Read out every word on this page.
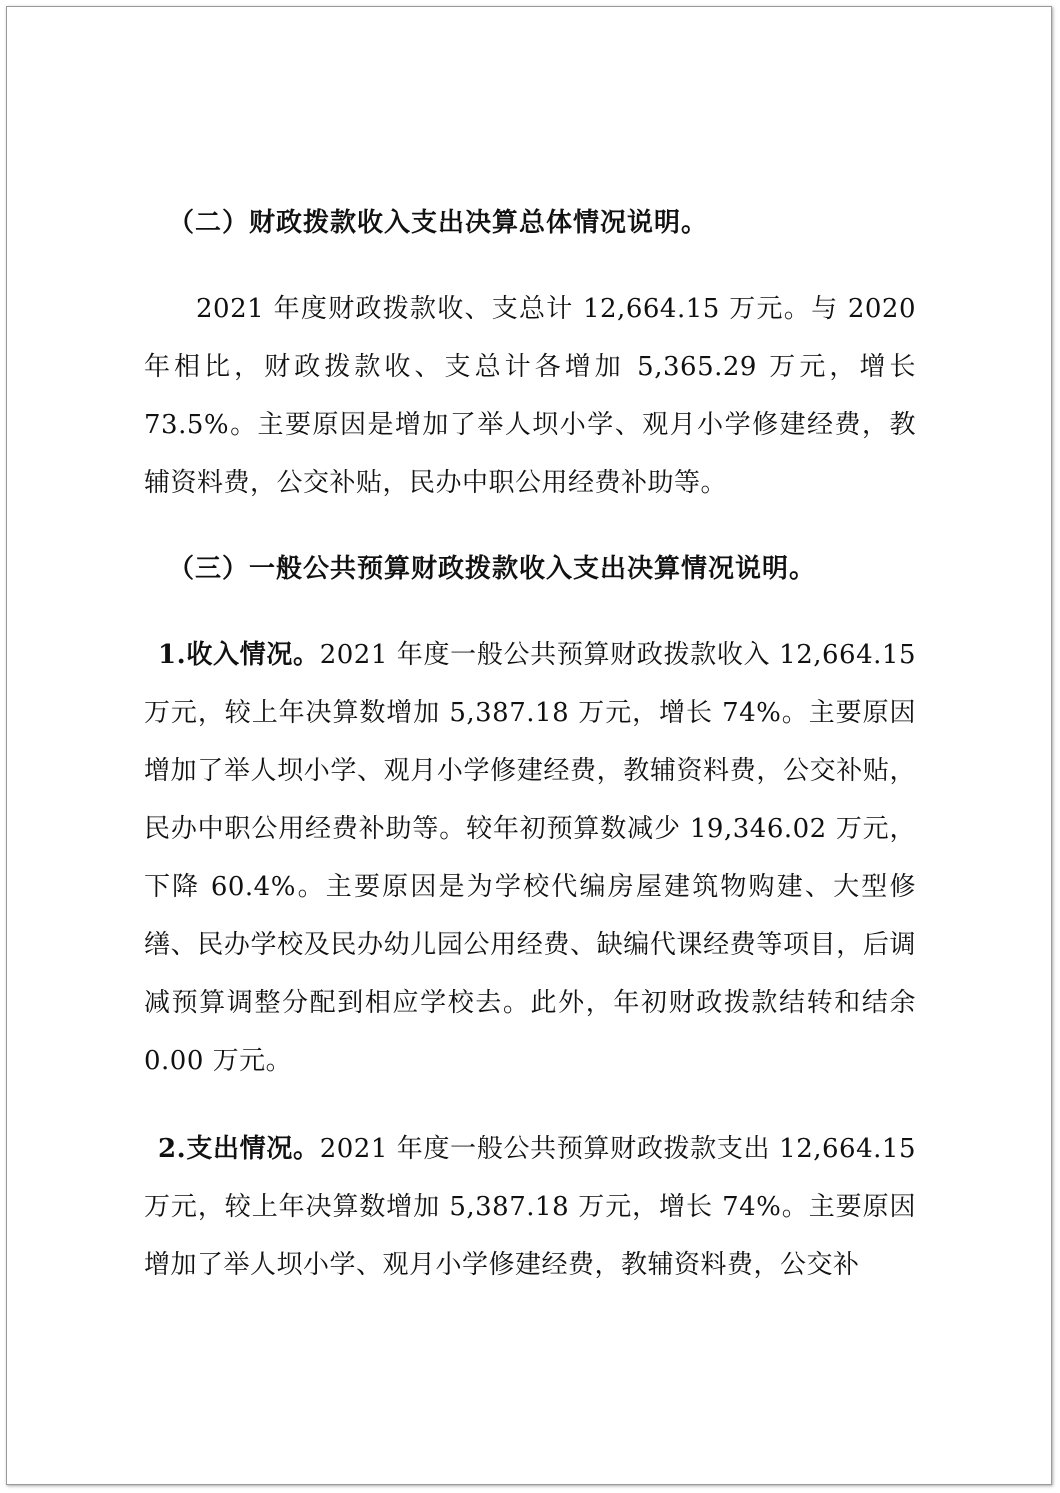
（二）财政拨款收入支出决算总体情况说明。

2021 年度财政拨款收、支总计 12,664.15 万元。与 2020 年相比，财政拨款收、支总计各增加 5,365.29 万元，增长 73.5%。主要原因是增加了举人坝小学、观月小学修建经费，教辅资料费，公交补贴，民办中职公用经费补助等。

（三）一般公共预算财政拨款收入支出决算情况说明。

1.收入情况。2021 年度一般公共预算财政拨款收入 12,664.15 万元，较上年决算数增加 5,387.18 万元，增长 74%。主要原因增加了举人坝小学、观月小学修建经费，教辅资料费，公交补贴，民办中职公用经费补助等。较年初预算数减少 19,346.02 万元，下降 60.4%。主要原因是为学校代编房屋建筑物购建、大型修缮、民办学校及民办幼儿园公用经费、缺编代课经费等项目，后调减预算调整分配到相应学校去。此外，年初财政拨款结转和结余 0.00 万元。

2.支出情况。2021 年度一般公共预算财政拨款支出 12,664.15 万元，较上年决算数增加 5,387.18 万元，增长 74%。主要原因增加了举人坝小学、观月小学修建经费，教辅资料费，公交补
